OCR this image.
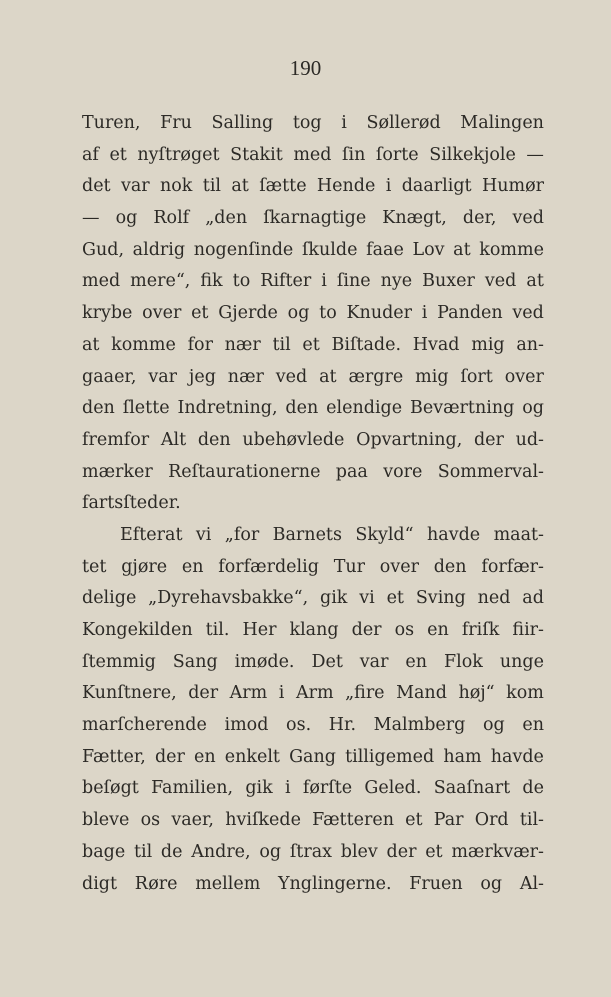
190
Turen, Fru Salling tog i Søllerød Malingen
af et nyſtrøget Stakit med ſin ſorte Silkekjole —
det var nok til at ſætte Hende i daarligt Humør
— og Rolf „den ſkarnagtige Knægt, der, ved
Gud, aldrig nogenſinde ſkulde faae Lov at komme
med mere“, fik to Rifter i ſine nye Buxer ved at
krybe over et Gjerde og to Knuder i Panden ved
at komme for nær til et Biſtade. Hvad mig an-
gaaer, var jeg nær ved at ærgre mig ſort over
den ſlette Indretning, den elendige Beværtning og
fremfor Alt den ubehøvlede Opvartning, der ud-
mærker Reſtaurationerne paa vore Sommerval-
fartsſteder.
Efterat vi „for Barnets Skyld“ havde maat-
tet gjøre en forfærdelig Tur over den forfær-
delige „Dyrehavsbakke“, gik vi et Sving ned ad
Kongekilden til. Her klang der os en friſk fiir-
ſtemmig Sang imøde. Det var en Flok unge
Kunſtnere, der Arm i Arm „fire Mand høj“ kom
marſcherende imod os. Hr. Malmberg og en
Fætter, der en enkelt Gang tilligemed ham havde
beſøgt Familien, gik i førſte Geled. Saaſnart de
bleve os vaer, hviſkede Fætteren et Par Ord til-
bage til de Andre, og ſtrax blev der et mærkvær-
digt Røre mellem Ynglingerne. Fruen og Al-
